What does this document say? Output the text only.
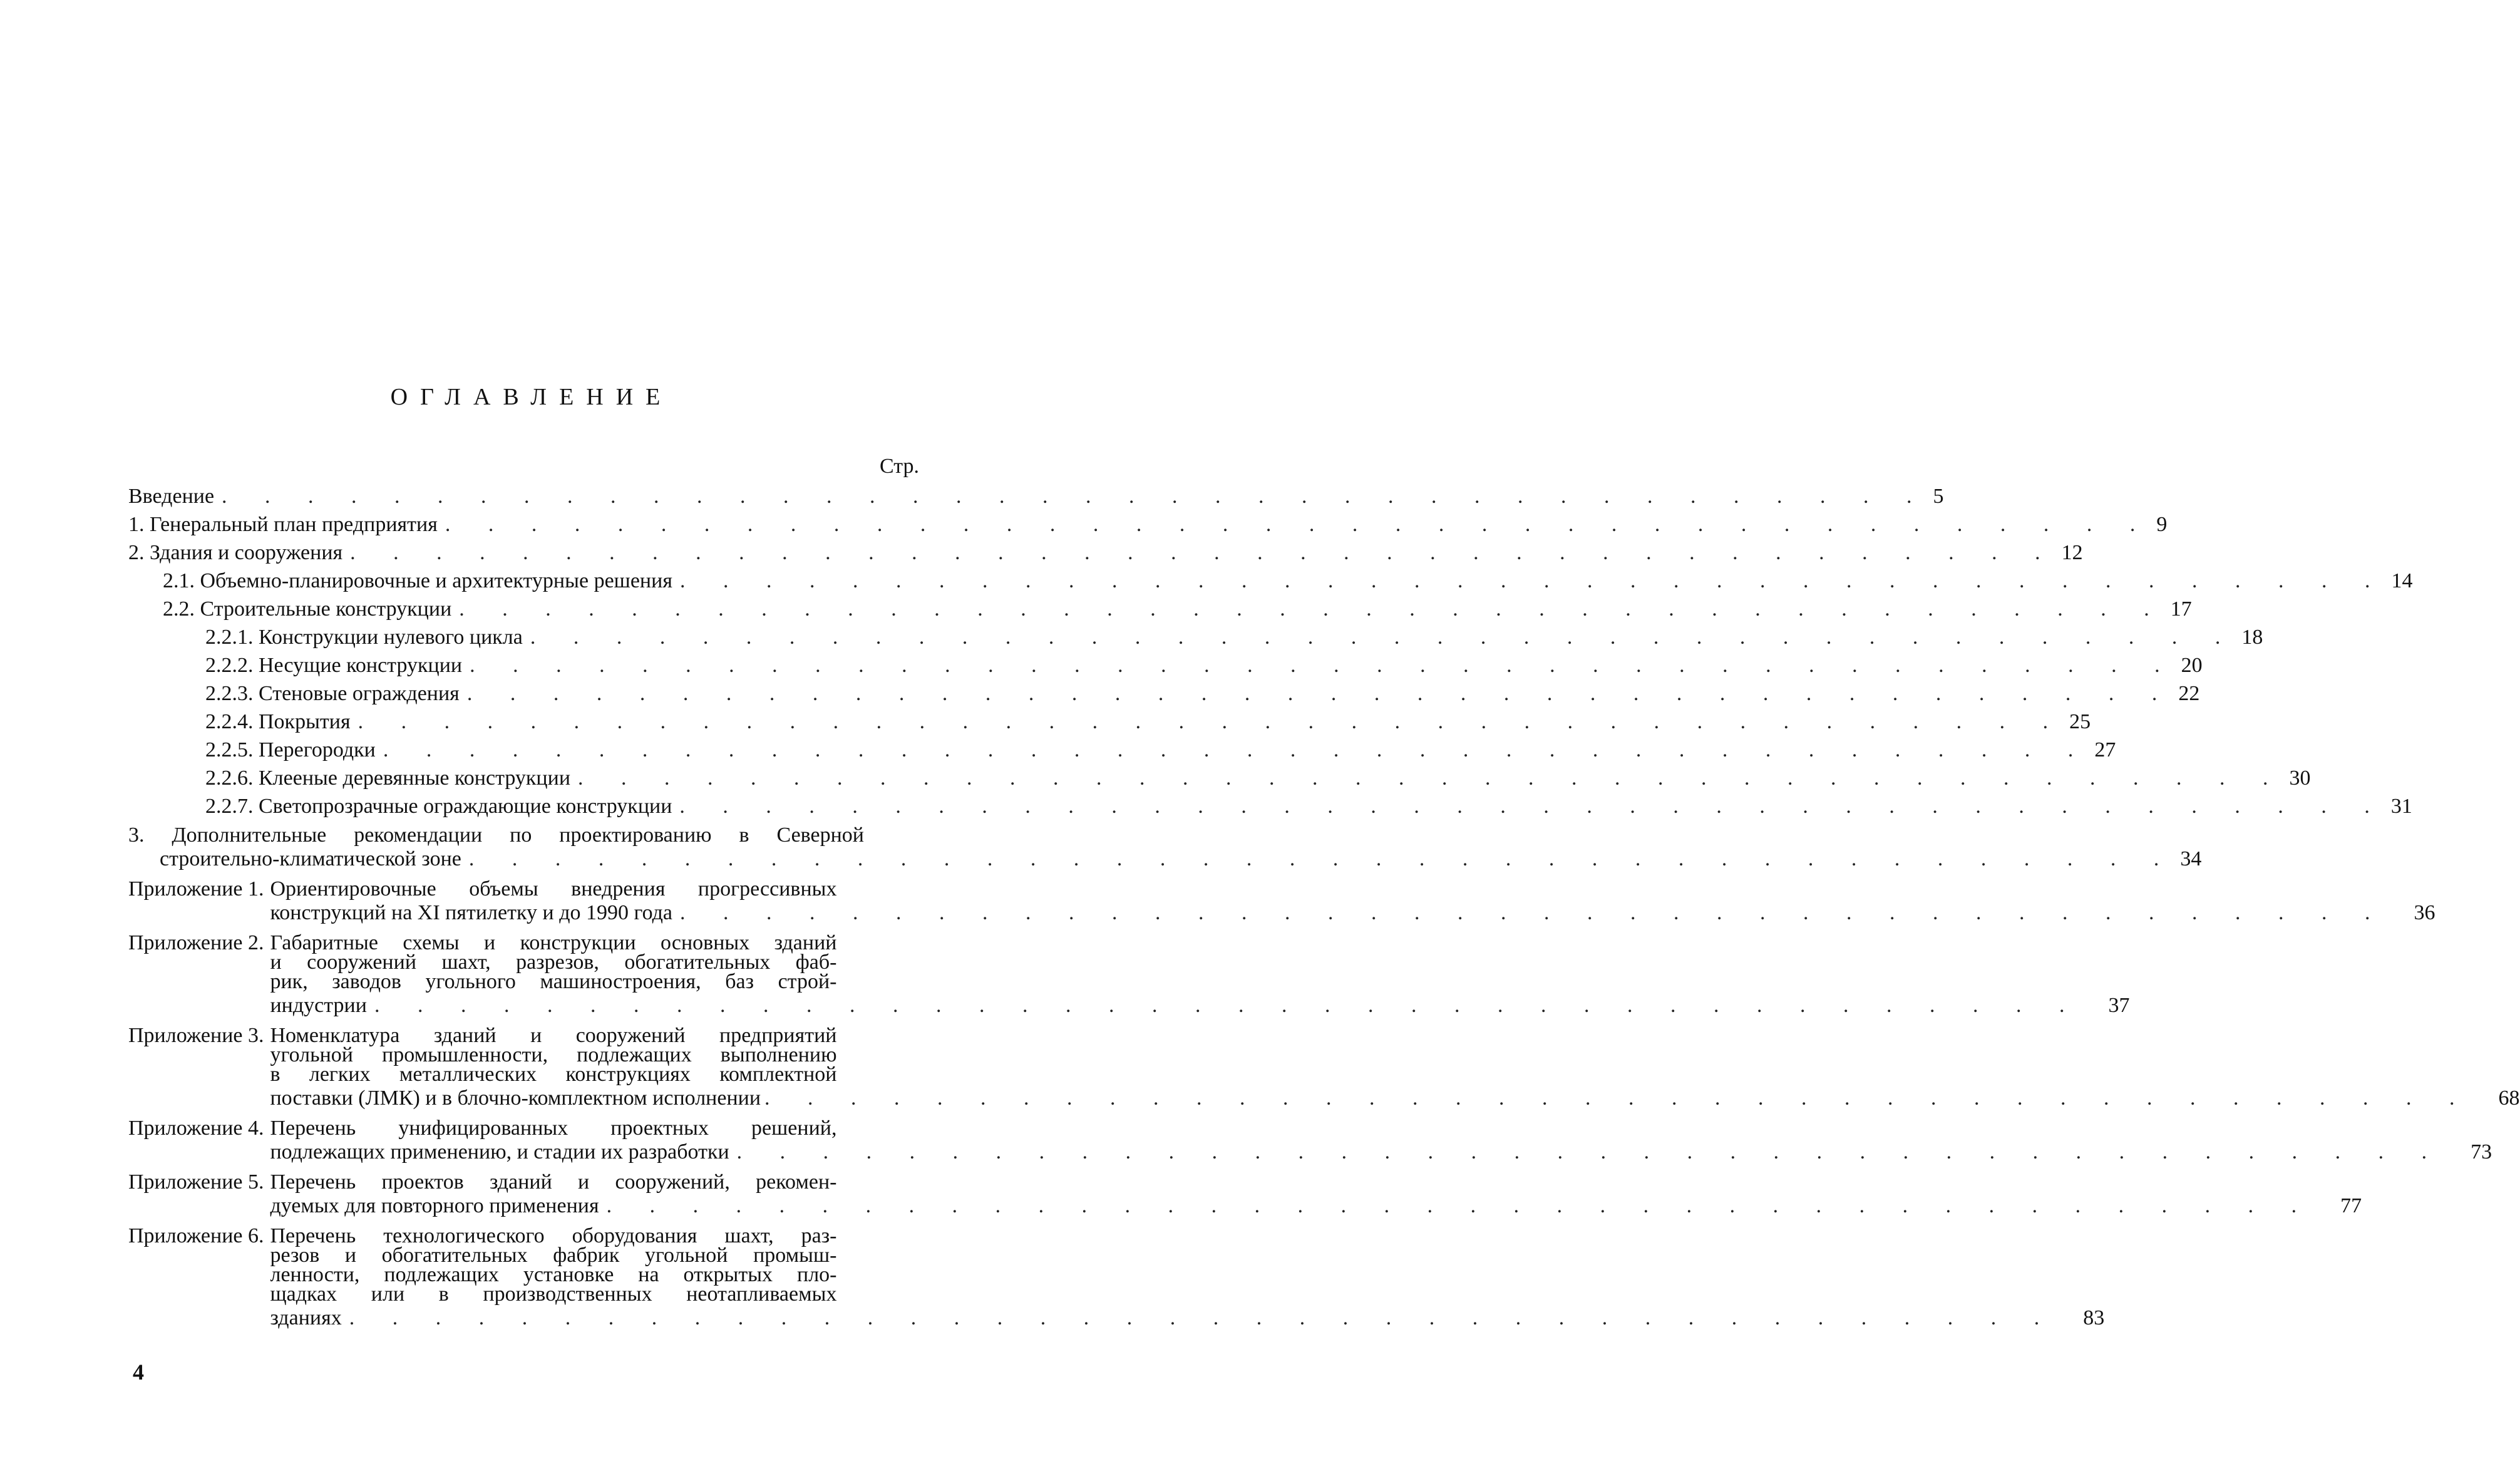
ОГЛАВЛЕНИЕ
Стр.
Введение . . .	5
1. Генеральный план предприятия . . .	9
2. Здания и сооружения . . .	12
2.1. Объемно-планировочные и архитектурные решения . . .	14
2.2. Строительные конструкции . . .	17
2.2.1. Конструкции нулевого цикла . . .	18
2.2.2. Несущие конструкции . . .	20
2.2.3. Стеновые ограждения . . .	22
2.2.4. Покрытия . . .	25
2.2.5. Перегородки . . .	27
2.2.6. Клееные деревянные конструкции . . .	30
2.2.7. Светопрозрачные ограждающие конструкции . . .	31
3. Дополнительные рекомендации по проектированию в Северной
строительно-климатической зоне . . .	34
Приложение 1. Ориентировочные объемы внедрения прогрессивных
конструкций на XI пятилетку и до 1990 года . . .	36
Приложение 2. Габаритные схемы и конструкции основных зданий
и сооружений шахт, разрезов, обогатительных фаб-
рик, заводов угольного машиностроения, баз строй-
индустрии . . .	37
Приложение 3. Номенклатура зданий и сооружений предприятий
угольной промышленности, подлежащих выполнению
в легких металлических конструкциях комплектной
поставки (ЛМК) и в блочно-комплектном исполнении . . .	68
Приложение 4. Перечень унифицированных проектных решений,
подлежащих применению, и стадии их разработки . . .	73
Приложение 5. Перечень проектов зданий и сооружений, рекомен-
дуемых для повторного применения . . .	77
Приложение 6. Перечень технологического оборудования шахт, раз-
резов и обогатительных фабрик угольной промыш-
ленности, подлежащих установке на открытых пло-
щадках или в производственных неотапливаемых
зданиях . . .	83
4
